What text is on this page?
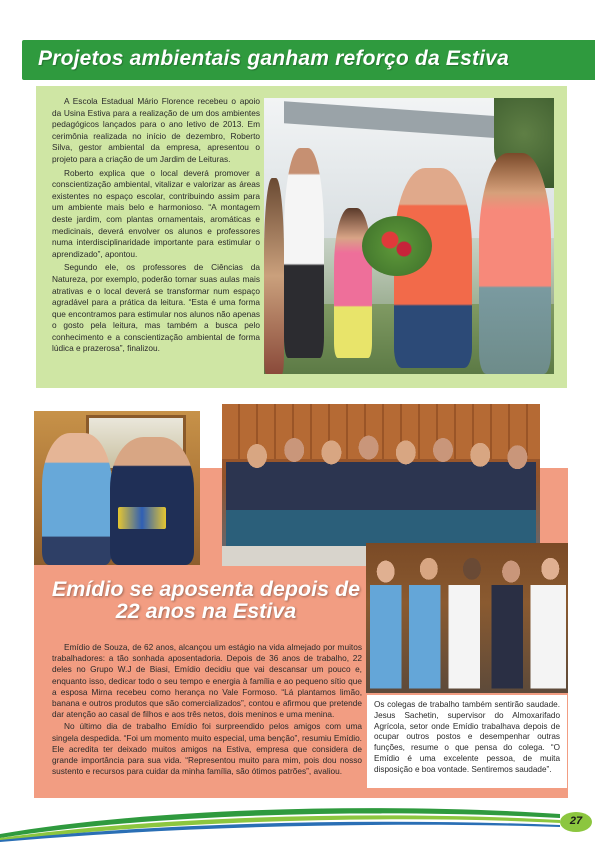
Projetos ambientais ganham reforço da Estiva

A Escola Estadual Mário Florence recebeu o apoio da Usina Estiva para a realização de um dos ambientes pedagógicos lançados para o ano letivo de 2013. Em cerimônia realizada no início de dezembro, Roberto Silva, gestor ambiental da empresa, apresentou o projeto para a criação de um Jardim de Leituras.

Roberto explica que o local deverá promover a conscientização ambiental, vitalizar e valorizar as áreas existentes no espaço escolar, contribuindo assim para um ambiente mais belo e harmonioso. “A montagem deste jardim, com plantas ornamentais, aromáticas e medicinais, deverá envolver os alunos e professores numa interdisciplinaridade importante para estimular o aprendizado”, apontou.

Segundo ele, os professores de Ciências da Natureza, por exemplo, poderão tornar suas aulas mais atrativas e o local deverá se transformar num espaço agradável para a prática da leitura. “Esta é uma forma que encontramos para estimular nos alunos não apenas o gosto pela leitura, mas também a busca pelo conhecimento e a conscientização ambiental de forma lúdica e prazerosa”, finalizou.

Emídio se aposenta depois de 22 anos na Estiva

Emídio de Souza, de 62 anos, alcançou um estágio na vida almejado por muitos trabalhadores: a tão sonhada aposentadoria. Depois de 36 anos de trabalho, 22 deles no Grupo W.J de Biasi, Emídio decidiu que vai descansar um pouco e, enquanto isso, dedicar todo o seu tempo e energia à família e ao pequeno sítio que a esposa Mirna recebeu como herança no Vale Formoso. “Lá plantamos limão, banana e outros produtos que são comercializados”, contou e afirmou que pretende dar atenção ao casal de filhos e aos três netos, dois meninos e uma menina.

No último dia de trabalho Emídio foi surpreendido pelos amigos com uma singela despedida. “Foi um momento muito especial, uma benção”, resumiu Emídio. Ele acredita ter deixado muitos amigos na Estiva, empresa que considera de grande importância para sua vida. “Representou muito para mim, pois dou nosso sustento e recursos para cuidar da minha família, são ótimos patrões”, avaliou.

Os colegas de trabalho também sentirão saudade. Jesus Sachetin, supervisor do Almoxarifado Agrícola, setor onde Emídio trabalhava depois de ocupar outros postos e desempenhar outras funções, resume o que pensa do colega. “O Emídio é uma excelente pessoa, de muita disposição e boa vontade. Sentiremos saudade”.
27
